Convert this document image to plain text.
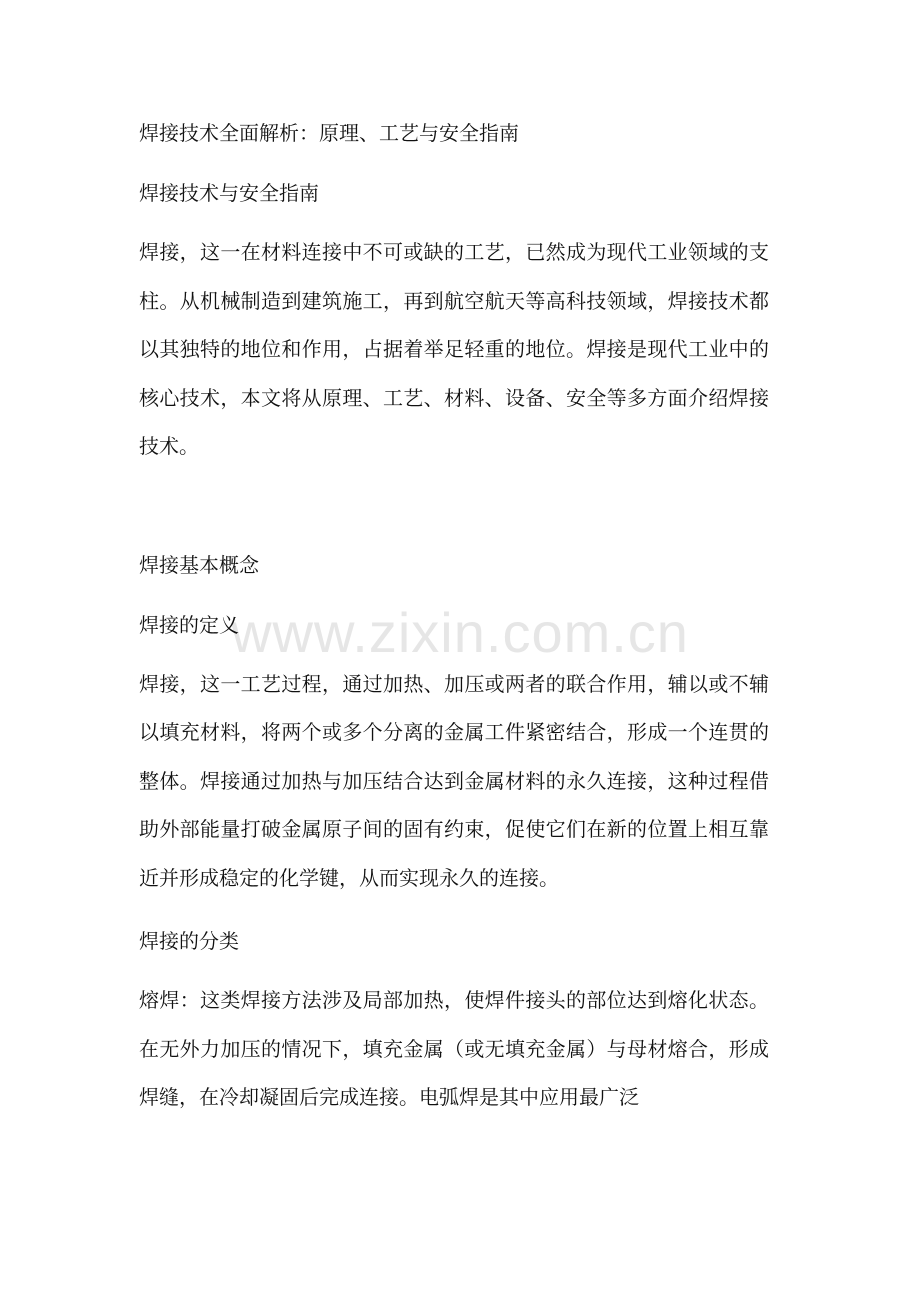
www.zixin.com.cn
焊接技术全面解析：原理、工艺与安全指南
焊接技术与安全指南
焊接，这一在材料连接中不可或缺的工艺，已然成为现代工业领域的支柱。从机械制造到建筑施工，再到航空航天等高科技领域，焊接技术都以其独特的地位和作用，占据着举足轻重的地位。焊接是现代工业中的核心技术，本文将从原理、工艺、材料、设备、安全等多方面介绍焊接技术。
焊接基本概念
焊接的定义
焊接，这一工艺过程，通过加热、加压或两者的联合作用，辅以或不辅以填充材料，将两个或多个分离的金属工件紧密结合，形成一个连贯的整体。焊接通过加热与加压结合达到金属材料的永久连接，这种过程借助外部能量打破金属原子间的固有约束，促使它们在新的位置上相互靠近并形成稳定的化学键，从而实现永久的连接。
焊接的分类
熔焊：这类焊接方法涉及局部加热，使焊件接头的部位达到熔化状态。在无外力加压的情况下，填充金属（或无填充金属）与母材熔合，形成焊缝，在冷却凝固后完成连接。电弧焊是其中应用最广泛
